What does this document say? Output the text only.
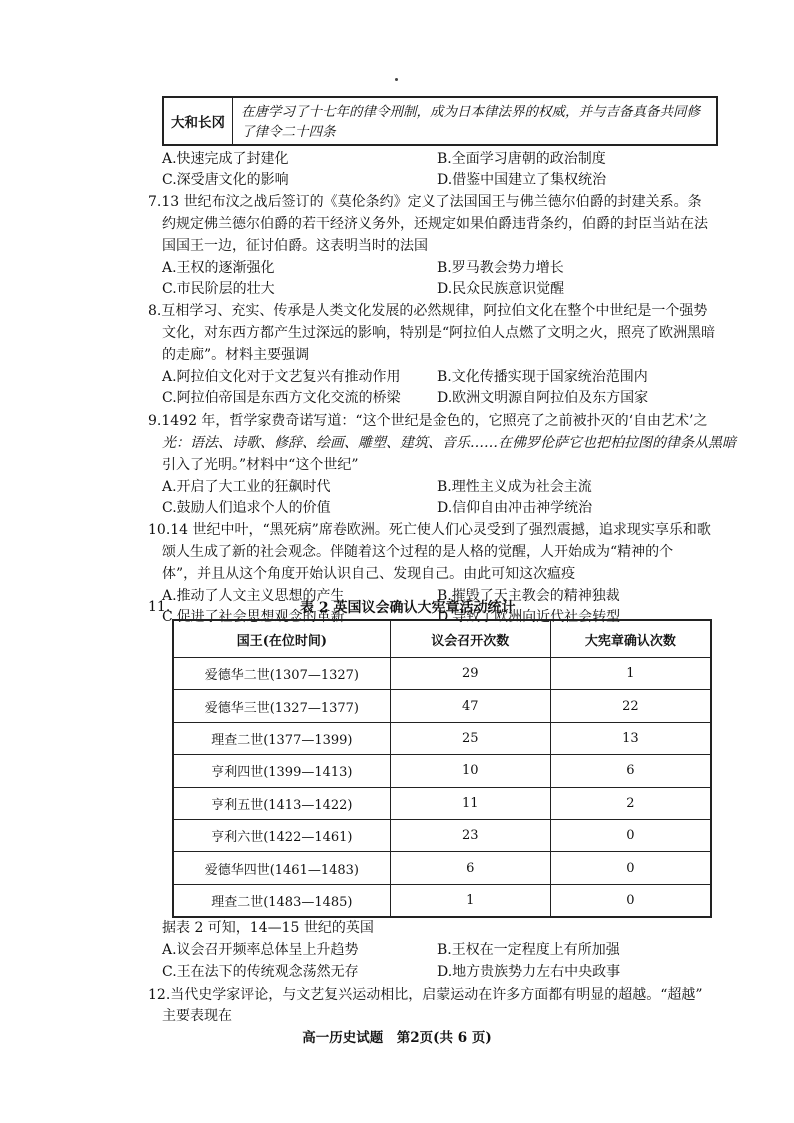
大和长冈
在唐学习了十七年的律令刑制，成为日本律法界的权威，并与吉备真备共同修了律令二十四条
A.快速完成了封建化	B.全面学习唐朝的政治制度
C.深受唐文化的影响	D.借鉴中国建立了集权统治
7.13 世纪布汶之战后签订的《莫伦条约》定义了法国国王与佛兰德尔伯爵的封建关系。条
约规定佛兰德尔伯爵的若干经济义务外，还规定如果伯爵违背条约，伯爵的封臣当站在法
国国王一边，征讨伯爵。这表明当时的法国
A.王权的逐渐强化	B.罗马教会势力增长
C.市民阶层的壮大	D.民众民族意识觉醒
8.互相学习、充实、传承是人类文化发展的必然规律，阿拉伯文化在整个中世纪是一个强势
文化，对东西方都产生过深远的影响，特别是“阿拉伯人点燃了文明之火，照亮了欧洲黑暗
的走廊”。材料主要强调
A.阿拉伯文化对于文艺复兴有推动作用	B.文化传播实现于国家统治范围内
C.阿拉伯帝国是东西方文化交流的桥梁	D.欧洲文明源自阿拉伯及东方国家
9.1492 年，哲学家费奇诺写道：“这个世纪是金色的，它照亮了之前被扑灭的‘自由艺术’之
光：语法、诗歌、修辞、绘画、雕塑、建筑、音乐……在佛罗伦萨它也把柏拉图的律条从黑暗
引入了光明。”材料中“这个世纪”
A.开启了大工业的狂飙时代	B.理性主义成为社会主流
C.鼓励人们追求个人的价值	D.信仰自由冲击神学统治
10.14 世纪中叶，“黑死病”席卷欧洲。死亡使人们心灵受到了强烈震撼，追求现实享乐和歌
颂人生成了新的社会观念。伴随着这个过程的是人格的觉醒，人开始成为“精神的个
体”，并且从这个角度开始认识自己、发现自己。由此可知这次瘟疫
A.推动了人文主义思想的产生	B.摧毁了天主教会的精神独裁
C.促进了社会思想观念的革新	D.导致了欧洲向近代社会转型
11.	表 2 英国议会确认大宪章活动统计
国王(在位时间)	议会召开次数	大宪章确认次数
爱德华二世(1307—1327)	29	1
爱德华三世(1327—1377)	47	22
理查二世(1377—1399)	25	13
亨利四世(1399—1413)	10	6
亨利五世(1413—1422)	11	2
亨利六世(1422—1461)	23	0
爱德华四世(1461—1483)	6	0
理查二世(1483—1485)	1	0
据表 2 可知，14—15 世纪的英国
A.议会召开频率总体呈上升趋势	B.王权在一定程度上有所加强
C.王在法下的传统观念荡然无存	D.地方贵族势力左右中央政事
12.当代史学家评论，与文艺复兴运动相比，启蒙运动在许多方面都有明显的超越。“超越”
主要表现在
高一历史试题　第2页(共 6 页)
